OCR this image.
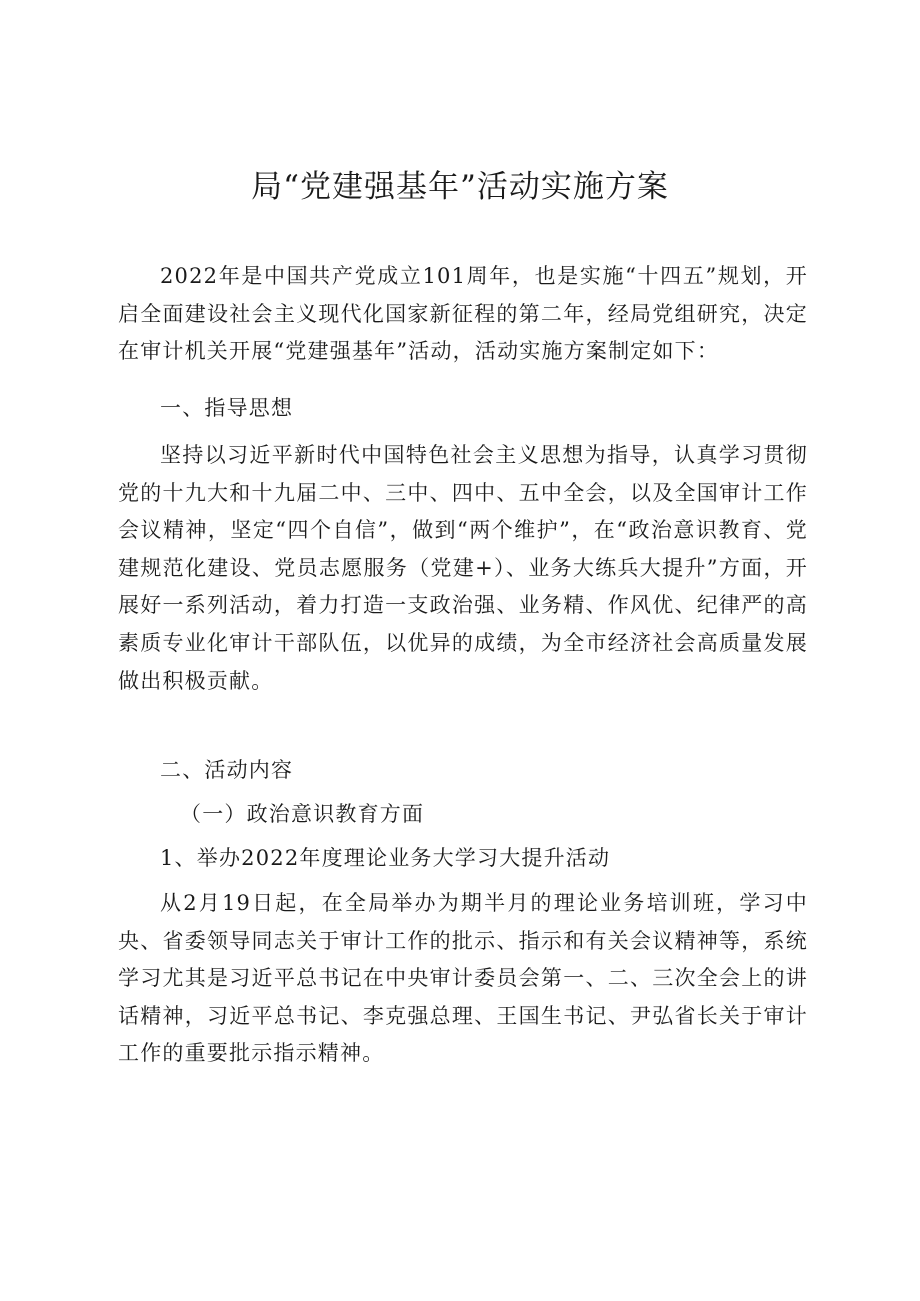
局“党建强基年”活动实施方案

2022年是中国共产党成立101周年，也是实施“十四五”规划，开启全面建设社会主义现代化国家新征程的第二年，经局党组研究，决定在审计机关开展“党建强基年”活动，活动实施方案制定如下：

一、指导思想

坚持以习近平新时代中国特色社会主义思想为指导，认真学习贯彻党的十九大和十九届二中、三中、四中、五中全会，以及全国审计工作会议精神，坚定“四个自信”，做到“两个维护”，在“政治意识教育、党建规范化建设、党员志愿服务（党建+）、业务大练兵大提升”方面，开展好一系列活动，着力打造一支政治强、业务精、作风优、纪律严的高素质专业化审计干部队伍，以优异的成绩，为全市经济社会高质量发展做出积极贡献。

二、活动内容

（一）政治意识教育方面

1、举办2022年度理论业务大学习大提升活动

从2月19日起，在全局举办为期半月的理论业务培训班，学习中央、省委领导同志关于审计工作的批示、指示和有关会议精神等，系统学习尤其是习近平总书记在中央审计委员会第一、二、三次全会上的讲话精神，习近平总书记、李克强总理、王国生书记、尹弘省长关于审计工作的重要批示指示精神。
